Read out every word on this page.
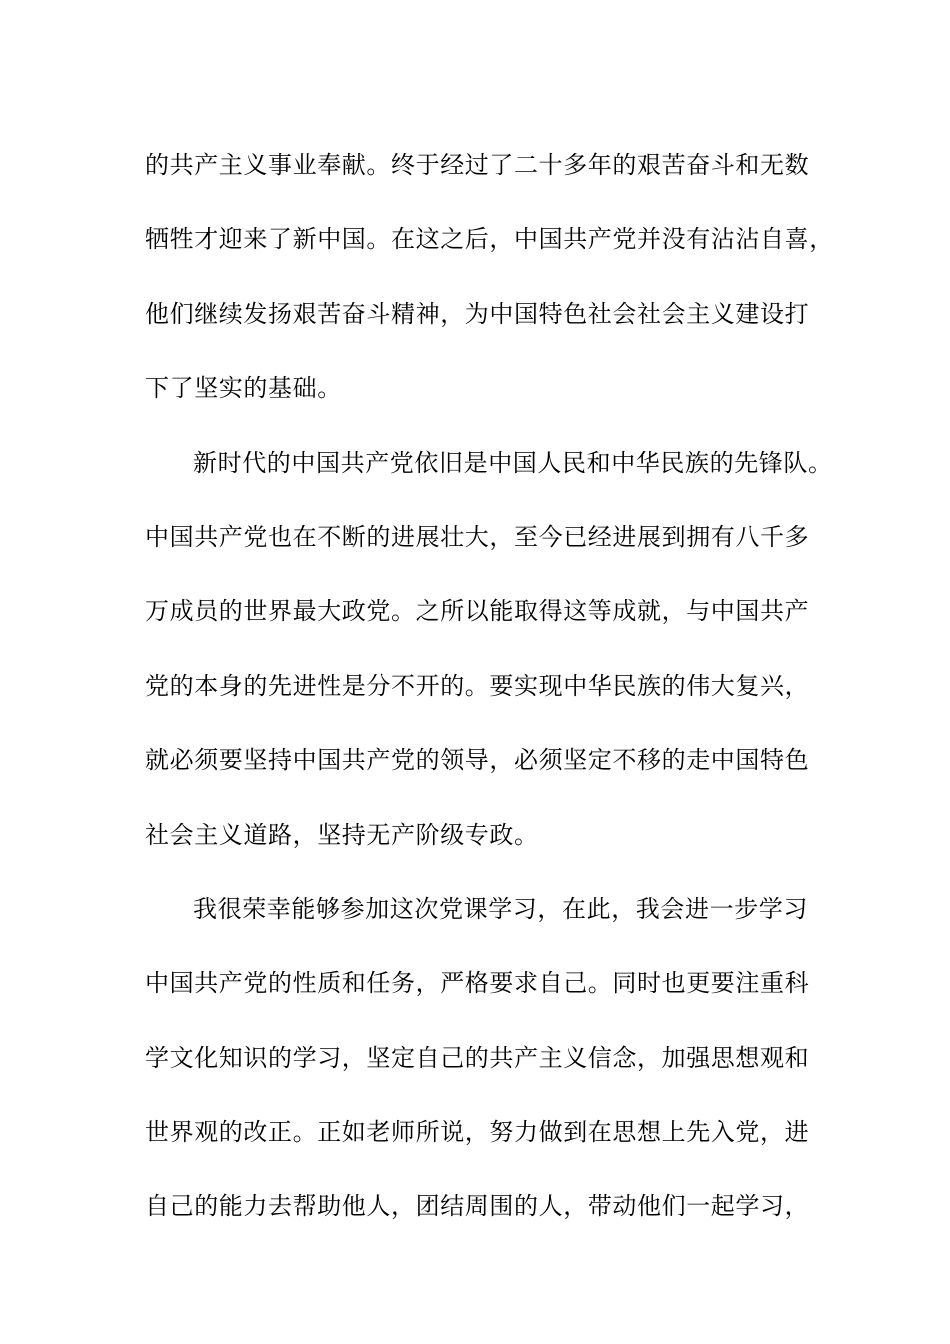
的共产主义事业奉献。终于经过了二十多年的艰苦奋斗和无数
牺牲才迎来了新中国。在这之后，中国共产党并没有沾沾自喜，
他们继续发扬艰苦奋斗精神，为中国特色社会社会主义建设打
下了坚实的基础。
新时代的中国共产党依旧是中国人民和中华民族的先锋队。
中国共产党也在不断的进展壮大，至今已经进展到拥有八千多
万成员的世界最大政党。之所以能取得这等成就，与中国共产
党的本身的先进性是分不开的。要实现中华民族的伟大复兴，
就必须要坚持中国共产党的领导，必须坚定不移的走中国特色
社会主义道路，坚持无产阶级专政。
我很荣幸能够参加这次党课学习，在此，我会进一步学习
中国共产党的性质和任务，严格要求自己。同时也更要注重科
学文化知识的学习，坚定自己的共产主义信念，加强思想观和
世界观的改正。正如老师所说，努力做到在思想上先入党，进
自己的能力去帮助他人，团结周围的人，带动他们一起学习，
